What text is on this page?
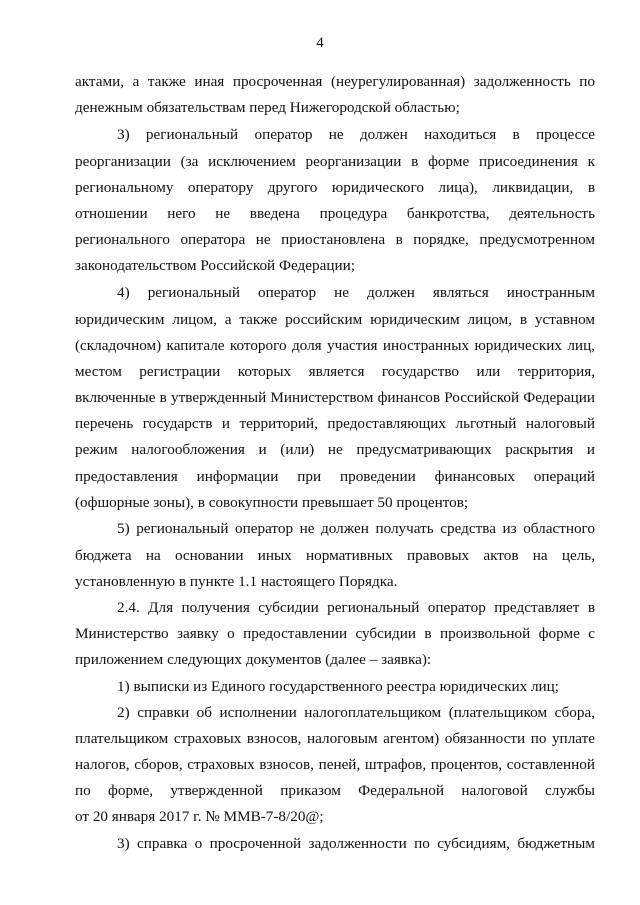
4
актами, а также иная просроченная (неурегулированная) задолженность по
денежным обязательствам перед Нижегородской областью;
3) региональный оператор не должен находиться в процессе
реорганизации (за исключением реорганизации в форме присоединения к
региональному оператору другого юридического лица), ликвидации, в
отношении него не введена процедура банкротства, деятельность
регионального оператора не приостановлена в порядке, предусмотренном
законодательством Российской Федерации;
4) региональный оператор не должен являться иностранным
юридическим лицом, а также российским юридическим лицом, в уставном
(складочном) капитале которого доля участия иностранных юридических лиц,
местом регистрации которых является государство или территория,
включенные в утвержденный Министерством финансов Российской Федерации
перечень государств и территорий, предоставляющих льготный налоговый
режим налогообложения и (или) не предусматривающих раскрытия и
предоставления информации при проведении финансовых операций
(офшорные зоны), в совокупности превышает 50 процентов;
5) региональный оператор не должен получать средства из областного
бюджета на основании иных нормативных правовых актов на цель,
установленную в пункте 1.1 настоящего Порядка.
2.4. Для получения субсидии региональный оператор представляет в
Министерство заявку о предоставлении субсидии в произвольной форме с
приложением следующих документов (далее – заявка):
1) выписки из Единого государственного реестра юридических лиц;
2) справки об исполнении налогоплательщиком (плательщиком сбора,
плательщиком страховых взносов, налоговым агентом) обязанности по уплате
налогов, сборов, страховых взносов, пеней, штрафов, процентов, составленной
по форме, утвержденной приказом Федеральной налоговой службы
от 20 января 2017 г. № ММВ-7-8/20@;
3) справка о просроченной задолженности по субсидиям, бюджетным
